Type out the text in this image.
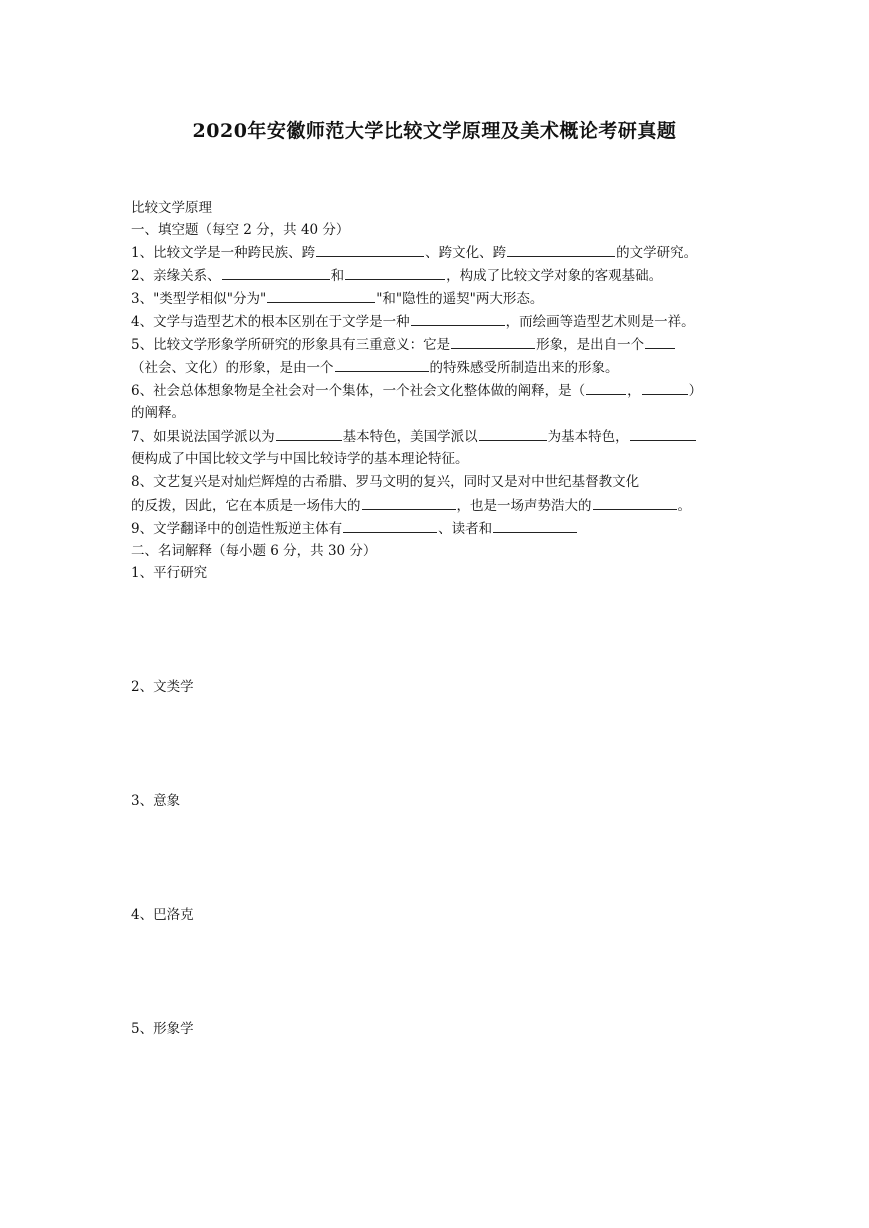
2020年安徽师范大学比较文学原理及美术概论考研真题
比较文学原理
一、填空题（每空 2 分，共 40 分）
1、比较文学是一种跨民族、跨	、跨文化、跨	的文学研究。
2、亲缘关系、	和	，构成了比较文学对象的客观基础。
3、"类型学相似"分为"	"和"隐性的遥契"两大形态。
4、文学与造型艺术的根本区别在于文学是一种	，而绘画等造型艺术则是一祥。
5、比较文学形象学所研究的形象具有三重意义：它是	形象，是出自一个
（社会、文化）的形象，是由一个	的特殊感受所制造出来的形象。
6、社会总体想象物是全社会对一个集体，一个社会文化整体做的阐释，是（	，	）
的阐释。
7、如果说法国学派以为	基本特色，美国学派以	为基本特色，
便构成了中国比较文学与中国比较诗学的基本理论特征。
8、文艺复兴是对灿烂辉煌的古希腊、罗马文明的复兴，同时又是对中世纪基督教文化
的反拨，因此，它在本质是一场伟大的	，也是一场声势浩大的	。
9、文学翻译中的创造性叛逆主体有	、读者和
二、名词解释（每小题 6 分，共 30 分）
1、平行研究
2、文类学
3、意象
4、巴洛克
5、形象学
